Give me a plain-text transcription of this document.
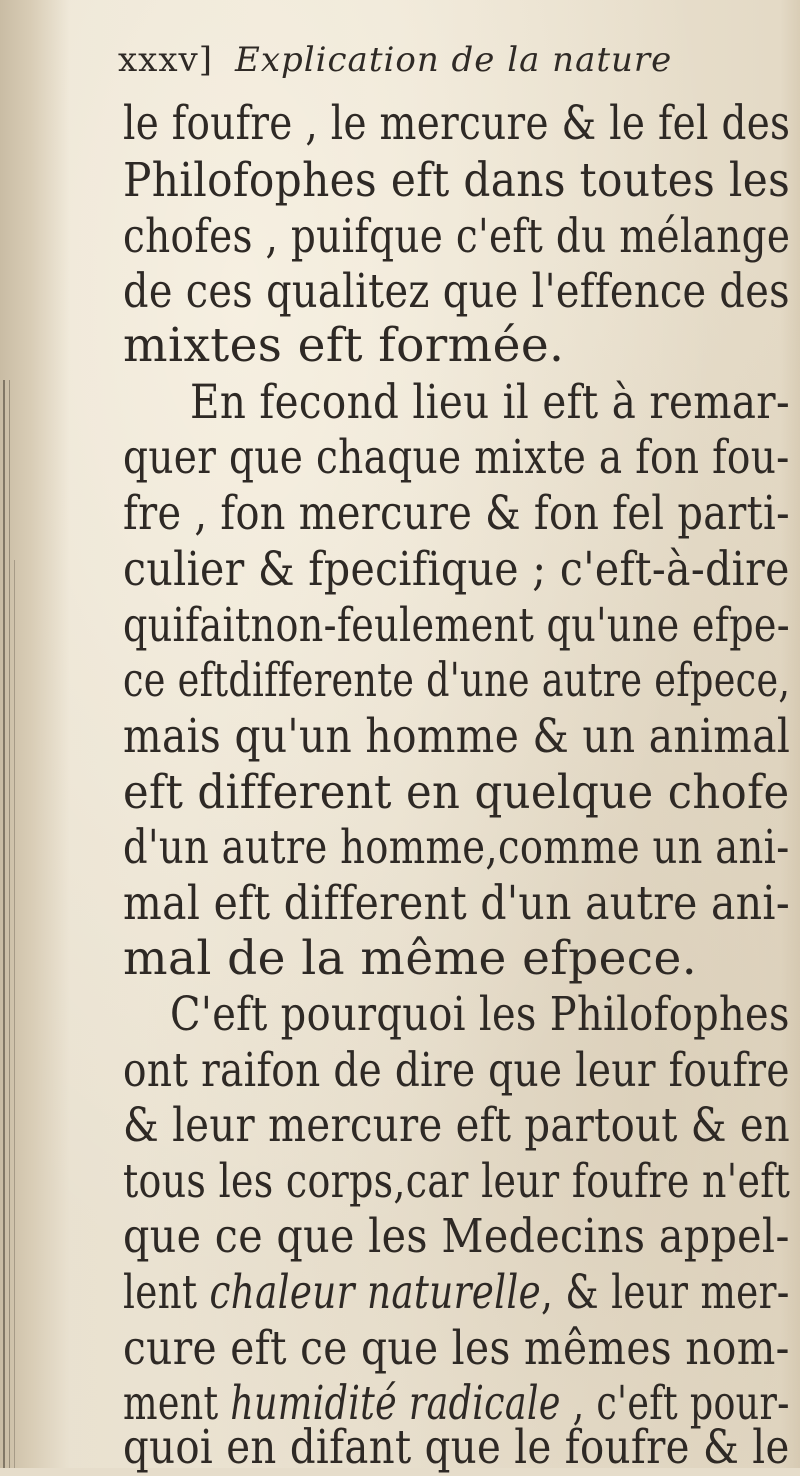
xxxv] Explication de la nature
le foufre , le mercure & le fel des
Philofophes eft dans toutes les
chofes , puifque c'eft du mélange
de ces qualitez que l'effence des
mixtes eft formée.
En fecond lieu il eft à remar-
quer que chaque mixte a fon fou-
fre , fon mercure & fon fel parti-
culier & fpecifique ; c'eft-à-dire
quifaitnon-feulement qu'une efpe-
ce eftdifferente d'une autre efpece,
mais qu'un homme & un animal
eft different en quelque chofe
d'un autre homme,comme un ani-
mal eft different d'un autre ani-
mal de la même efpece.
C'eft pourquoi les Philofophes
ont raifon de dire que leur foufre
& leur mercure eft partout & en
tous les corps,car leur foufre n'eft
que ce que les Medecins appel-
lent chaleur naturelle, & leur mer-
cure eft ce que les mêmes nom-
ment humidité radicale , c'eft pour-
quoi en difant que le foufre & le
